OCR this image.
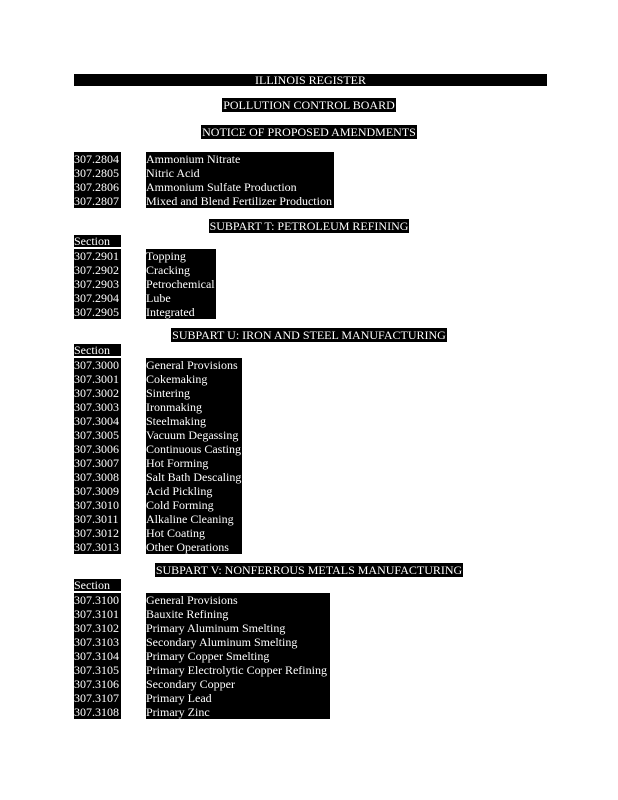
ILLINOIS REGISTER
POLLUTION CONTROL BOARD
NOTICE OF PROPOSED AMENDMENTS
307.2804 Ammonium Nitrate
307.2805 Nitric Acid
307.2806 Ammonium Sulfate Production
307.2807 Mixed and Blend Fertilizer Production
SUBPART T: PETROLEUM REFINING
Section
307.2901 Topping
307.2902 Cracking
307.2903 Petrochemical
307.2904 Lube
307.2905 Integrated
SUBPART U: IRON AND STEEL MANUFACTURING
Section
307.3000 General Provisions
307.3001 Cokemaking
307.3002 Sintering
307.3003 Ironmaking
307.3004 Steelmaking
307.3005 Vacuum Degassing
307.3006 Continuous Casting
307.3007 Hot Forming
307.3008 Salt Bath Descaling
307.3009 Acid Pickling
307.3010 Cold Forming
307.3011 Alkaline Cleaning
307.3012 Hot Coating
307.3013 Other Operations
SUBPART V: NONFERROUS METALS MANUFACTURING
Section
307.3100 General Provisions
307.3101 Bauxite Refining
307.3102 Primary Aluminum Smelting
307.3103 Secondary Aluminum Smelting
307.3104 Primary Copper Smelting
307.3105 Primary Electrolytic Copper Refining
307.3106 Secondary Copper
307.3107 Primary Lead
307.3108 Primary Zinc
